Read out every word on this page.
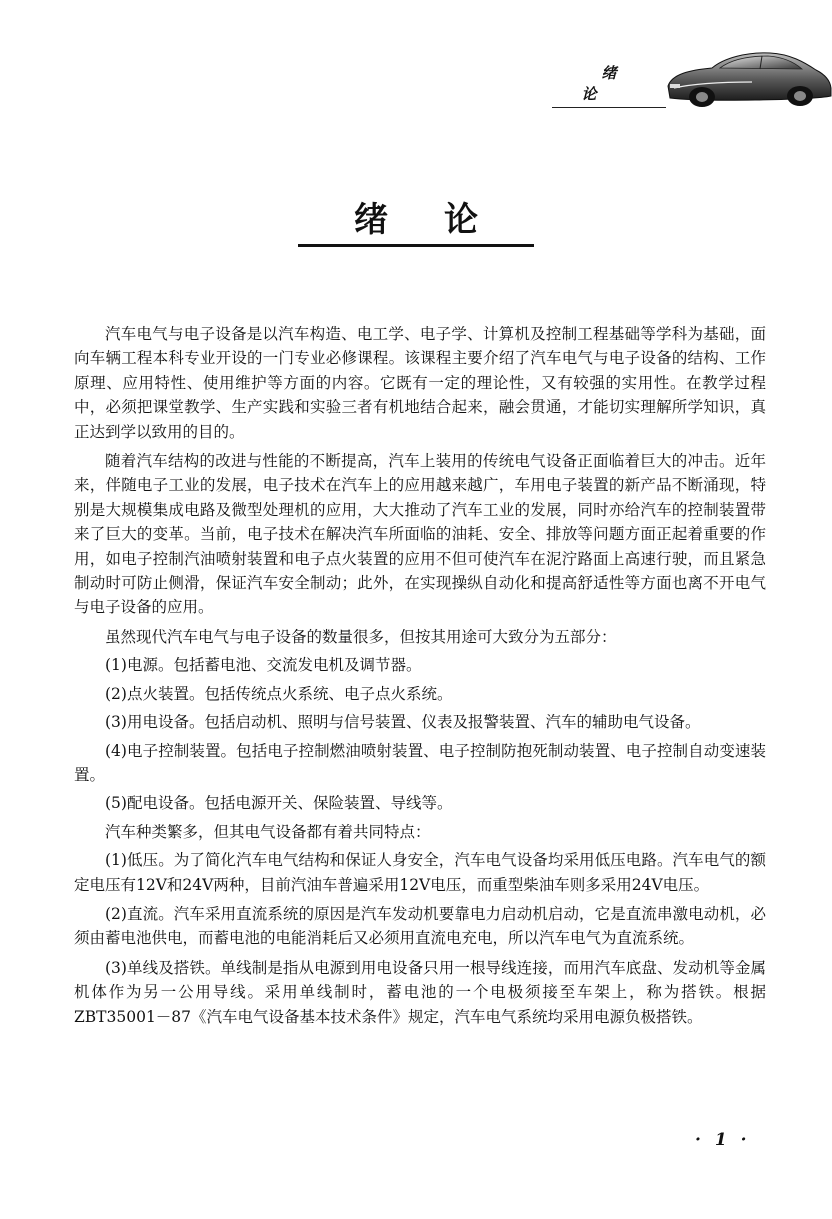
绪论
绪论

汽车电气与电子设备是以汽车构造、电工学、电子学、计算机及控制工程基础等学科为基础，面向车辆工程本科专业开设的一门专业必修课程。该课程主要介绍了汽车电气与电子设备的结构、工作原理、应用特性、使用维护等方面的内容。它既有一定的理论性，又有较强的实用性。在教学过程中，必须把课堂教学、生产实践和实验三者有机地结合起来，融会贯通，才能切实理解所学知识，真正达到学以致用的目的。

随着汽车结构的改进与性能的不断提高，汽车上装用的传统电气设备正面临着巨大的冲击。近年来，伴随电子工业的发展，电子技术在汽车上的应用越来越广，车用电子装置的新产品不断涌现，特别是大规模集成电路及微型处理机的应用，大大推动了汽车工业的发展，同时亦给汽车的控制装置带来了巨大的变革。当前，电子技术在解决汽车所面临的油耗、安全、排放等问题方面正起着重要的作用，如电子控制汽油喷射装置和电子点火装置的应用不但可使汽车在泥泞路面上高速行驶，而且紧急制动时可防止侧滑，保证汽车安全制动；此外，在实现操纵自动化和提高舒适性等方面也离不开电气与电子设备的应用。

虽然现代汽车电气与电子设备的数量很多，但按其用途可大致分为五部分：

(1)电源。包括蓄电池、交流发电机及调节器。

(2)点火装置。包括传统点火系统、电子点火系统。

(3)用电设备。包括启动机、照明与信号装置、仪表及报警装置、汽车的辅助电气设备。

(4)电子控制装置。包括电子控制燃油喷射装置、电子控制防抱死制动装置、电子控制自动变速装置。

(5)配电设备。包括电源开关、保险装置、导线等。

汽车种类繁多，但其电气设备都有着共同特点：

(1)低压。为了简化汽车电气结构和保证人身安全，汽车电气设备均采用低压电路。汽车电气的额定电压有12V和24V两种，目前汽油车普遍采用12V电压，而重型柴油车则多采用24V电压。

(2)直流。汽车采用直流系统的原因是汽车发动机要靠电力启动机启动，它是直流串激电动机，必须由蓄电池供电，而蓄电池的电能消耗后又必须用直流电充电，所以汽车电气为直流系统。

(3)单线及搭铁。单线制是指从电源到用电设备只用一根导线连接，而用汽车底盘、发动机等金属机体作为另一公用导线。采用单线制时，蓄电池的一个电极须接至车架上，称为搭铁。根据ZBT35001－87《汽车电气设备基本技术条件》规定，汽车电气系统均采用电源负极搭铁。

· 1 ·
